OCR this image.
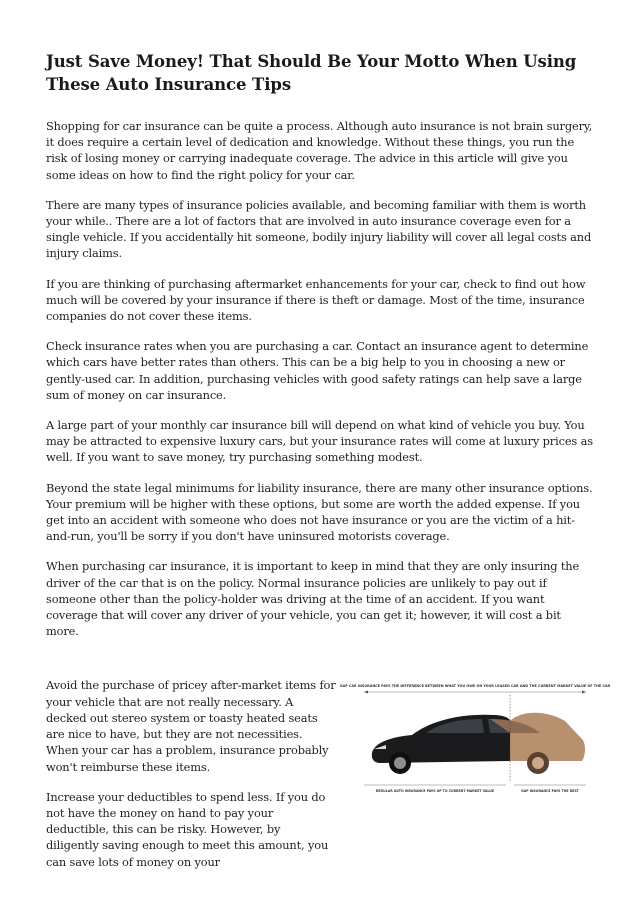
Just Save Money! That Should Be Your Motto When Using These Auto Insurance Tips

Shopping for car insurance can be quite a process. Although auto insurance is not brain surgery, it does require a certain level of dedication and knowledge. Without these things, you run the risk of losing money or carrying inadequate coverage. The advice in this article will give you some ideas on how to find the right policy for your car.

There are many types of insurance policies available, and becoming familiar with them is worth your while.. There are a lot of factors that are involved in auto insurance coverage even for a single vehicle. If you accidentally hit someone, bodily injury liability will cover all legal costs and injury claims.

If you are thinking of purchasing aftermarket enhancements for your car, check to find out how much will be covered by your insurance if there is theft or damage. Most of the time, insurance companies do not cover these items.

Check insurance rates when you are purchasing a car. Contact an insurance agent to determine which cars have better rates than others. This can be a big help to you in choosing a new or gently-used car. In addition, purchasing vehicles with good safety ratings can help save a large sum of money on car insurance.

A large part of your monthly car insurance bill will depend on what kind of vehicle you buy. You may be attracted to expensive luxury cars, but your insurance rates will come at luxury prices as well. If you want to save money, try purchasing something modest.

Beyond the state legal minimums for liability insurance, there are many other insurance options. Your premium will be higher with these options, but some are worth the added expense. If you get into an accident with someone who does not have insurance or you are the victim of a hit-and-run, you'll be sorry if you don't have uninsured motorists coverage.

When purchasing car insurance, it is important to keep in mind that they are only insuring the driver of the car that is on the policy. Normal insurance policies are unlikely to pay out if someone other than the policy-holder was driving at the time of an accident. If you want coverage that will cover any driver of your vehicle, you can get it; however, it will cost a bit more.

Avoid the purchase of pricey after-market items for your vehicle that are not really necessary. A decked out stereo system or toasty heated seats are nice to have, but they are not necessities. When your car has a problem, insurance probably won't reimburse these items.

Increase your deductibles to spend less. If you do not have the money on hand to pay your deductible, this can be risky. However, by diligently saving enough to meet this amount, you can save lots of money on your

GAP CAR INSURANCE PAYS THE DIFFERENCE BETWEEN WHAT YOU OWE ON YOUR LEASED CAR AND THE CURRENT MARKET VALUE OF THE CAR
REGULAR AUTO INSURANCE PAYS UP TO CURRENT MARKET VALUE	GAP INSURANCE PAYS THE REST
